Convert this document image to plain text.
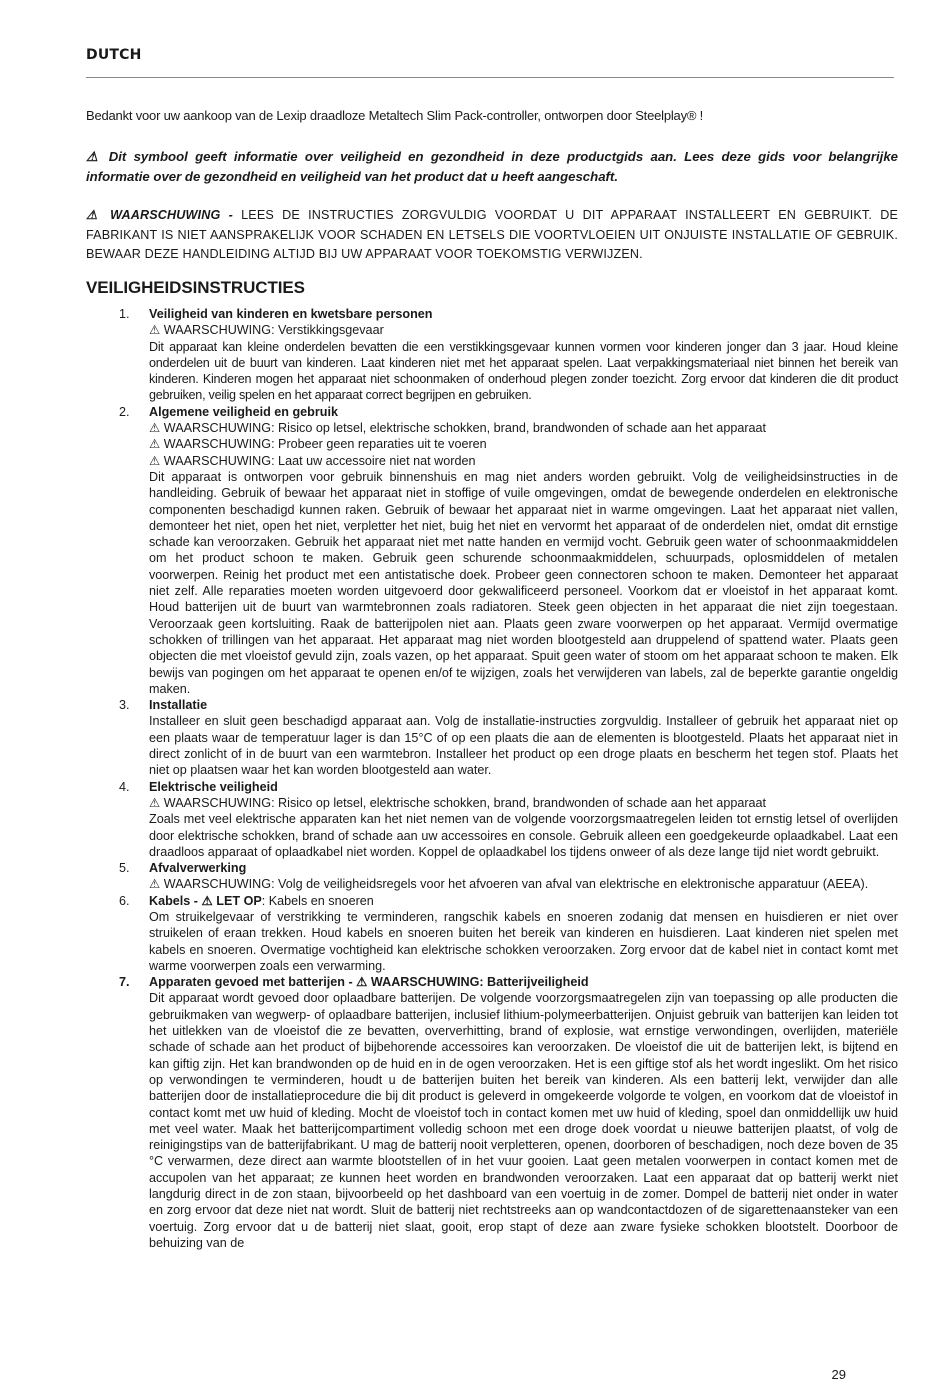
DUTCH
Bedankt voor uw aankoop van de Lexip draadloze Metaltech Slim Pack-controller, ontworpen door Steelplay® !
⚠ Dit symbool geeft informatie over veiligheid en gezondheid in deze productgids aan. Lees deze gids voor belangrijke informatie over de gezondheid en veiligheid van het product dat u heeft aangeschaft.
⚠ WAARSCHUWING - LEES DE INSTRUCTIES ZORGVULDIG VOORDAT U DIT APPARAAT INSTALLEERT EN GEBRUIKT. DE FABRIKANT IS NIET AANSPRAKELIJK VOOR SCHADEN EN LETSELS DIE VOORTVLOEIEN UIT ONJUISTE INSTALLATIE OF GEBRUIK. BEWAAR DEZE HANDLEIDING ALTIJD BIJ UW APPARAAT VOOR TOEKOMSTIG VERWIJZEN.
VEILIGHEIDSINSTRUCTIES
1. Veiligheid van kinderen en kwetsbare personen
⚠ WAARSCHUWING: Verstikkingsgevaar
Dit apparaat kan kleine onderdelen bevatten die een verstikkingsgevaar kunnen vormen voor kinderen jonger dan 3 jaar. Houd kleine onderdelen uit de buurt van kinderen. Laat kinderen niet met het apparaat spelen. Laat verpakkingsmateriaal niet binnen het bereik van kinderen. Kinderen mogen het apparaat niet schoonmaken of onderhoud plegen zonder toezicht. Zorg ervoor dat kinderen die dit product gebruiken, veilig spelen en het apparaat correct begrijpen en gebruiken.
2. Algemene veiligheid en gebruik
⚠ WAARSCHUWING: Risico op letsel, elektrische schokken, brand, brandwonden of schade aan het apparaat
⚠ WAARSCHUWING: Probeer geen reparaties uit te voeren
⚠ WAARSCHUWING: Laat uw accessoire niet nat worden
Dit apparaat is ontworpen voor gebruik binnenshuis en mag niet anders worden gebruikt. Volg de veiligheidsinstructies in de handleiding. Gebruik of bewaar het apparaat niet in stoffige of vuile omgevingen, omdat de bewegende onderdelen en elektronische componenten beschadigd kunnen raken. Gebruik of bewaar het apparaat niet in warme omgevingen. Laat het apparaat niet vallen, demonteer het niet, open het niet, verpletter het niet, buig het niet en vervormt het apparaat of de onderdelen niet, omdat dit ernstige schade kan veroorzaken. Gebruik het apparaat niet met natte handen en vermijd vocht. Gebruik geen water of schoonmaakmiddelen om het product schoon te maken. Gebruik geen schurende schoonmaakmiddelen, schuurpads, oplosmiddelen of metalen voorwerpen. Reinig het product met een antistatische doek. Probeer geen connectoren schoon te maken. Demonteer het apparaat niet zelf. Alle reparaties moeten worden uitgevoerd door gekwalificeerd personeel. Voorkom dat er vloeistof in het apparaat komt. Houd batterijen uit de buurt van warmtebronnen zoals radiatoren. Steek geen objecten in het apparaat die niet zijn toegestaan. Veroorzaak geen kortsluiting. Raak de batterijpolen niet aan. Plaats geen zware voorwerpen op het apparaat. Vermijd overmatige schokken of trillingen van het apparaat. Het apparaat mag niet worden blootgesteld aan druppelend of spattend water. Plaats geen objecten die met vloeistof gevuld zijn, zoals vazen, op het apparaat. Spuit geen water of stoom om het apparaat schoon te maken. Elk bewijs van pogingen om het apparaat te openen en/of te wijzigen, zoals het verwijderen van labels, zal de beperkte garantie ongeldig maken.
3. Installatie
Installeer en sluit geen beschadigd apparaat aan. Volg de installatie-instructies zorgvuldig. Installeer of gebruik het apparaat niet op een plaats waar de temperatuur lager is dan 15°C of op een plaats die aan de elementen is blootgesteld. Plaats het apparaat niet in direct zonlicht of in de buurt van een warmtebron. Installeer het product op een droge plaats en bescherm het tegen stof. Plaats het niet op plaatsen waar het kan worden blootgesteld aan water.
4. Elektrische veiligheid
⚠ WAARSCHUWING: Risico op letsel, elektrische schokken, brand, brandwonden of schade aan het apparaat
Zoals met veel elektrische apparaten kan het niet nemen van de volgende voorzorgsmaatregelen leiden tot ernstig letsel of overlijden door elektrische schokken, brand of schade aan uw accessoires en console. Gebruik alleen een goedgekeurde oplaadkabel. Laat een draadloos apparaat of oplaadkabel niet worden. Koppel de oplaadkabel los tijdens onweer of als deze lange tijd niet wordt gebruikt.
5. Afvalverwerking
⚠ WAARSCHUWING: Volg de veiligheidsregels voor het afvoeren van afval van elektrische en elektronische apparatuur (AEEA).
6. Kabels - ⚠ LET OP: Kabels en snoeren
Om struikelgevaar of verstrikking te verminderen, rangschik kabels en snoeren zodanig dat mensen en huisdieren er niet over struikelen of eraan trekken. Houd kabels en snoeren buiten het bereik van kinderen en huisdieren. Laat kinderen niet spelen met kabels en snoeren. Overmatige vochtigheid kan elektrische schokken veroorzaken. Zorg ervoor dat de kabel niet in contact komt met warme voorwerpen zoals een verwarming.
7. Apparaten gevoed met batterijen - ⚠ WAARSCHUWING: Batterijveiligheid
Dit apparaat wordt gevoed door oplaadbare batterijen. De volgende voorzorgsmaatregelen zijn van toepassing op alle producten die gebruikmaken van wegwerp- of oplaadbare batterijen, inclusief lithium-polymeerbatterijen. Onjuist gebruik van batterijen kan leiden tot het uitlekken van de vloeistof die ze bevatten, oververhitting, brand of explosie, wat ernstige verwondingen, overlijden, materiële schade of schade aan het product of bijbehorende accessoires kan veroorzaken. De vloeistof die uit de batterijen lekt, is bijtend en kan giftig zijn. Het kan brandwonden op de huid en in de ogen veroorzaken. Het is een giftige stof als het wordt ingeslikt. Om het risico op verwondingen te verminderen, houdt u de batterijen buiten het bereik van kinderen. Als een batterij lekt, verwijder dan alle batterijen door de installatieprocedure die bij dit product is geleverd in omgekeerde volgorde te volgen, en voorkom dat de vloeistof in contact komt met uw huid of kleding. Mocht de vloeistof toch in contact komen met uw huid of kleding, spoel dan onmiddellijk uw huid met veel water. Maak het batterijcompartiment volledig schoon met een droge doek voordat u nieuwe batterijen plaatst, of volg de reinigingstips van de batterijfabrikant. U mag de batterij nooit verpletteren, openen, doorboren of beschadigen, noch deze boven de 35 °C verwarmen, deze direct aan warmte blootstellen of in het vuur gooien. Laat geen metalen voorwerpen in contact komen met de accupolen van het apparaat; ze kunnen heet worden en brandwonden veroorzaken. Laat een apparaat dat op batterij werkt niet langdurig direct in de zon staan, bijvoorbeeld op het dashboard van een voertuig in de zomer. Dompel de batterij niet onder in water en zorg ervoor dat deze niet nat wordt. Sluit de batterij niet rechtstreeks aan op wandcontactdozen of de sigarettenaansteker van een voertuig. Zorg ervoor dat u de batterij niet slaat, gooit, erop stapt of deze aan zware fysieke schokken blootstelt. Doorboor de behuizing van de
29
